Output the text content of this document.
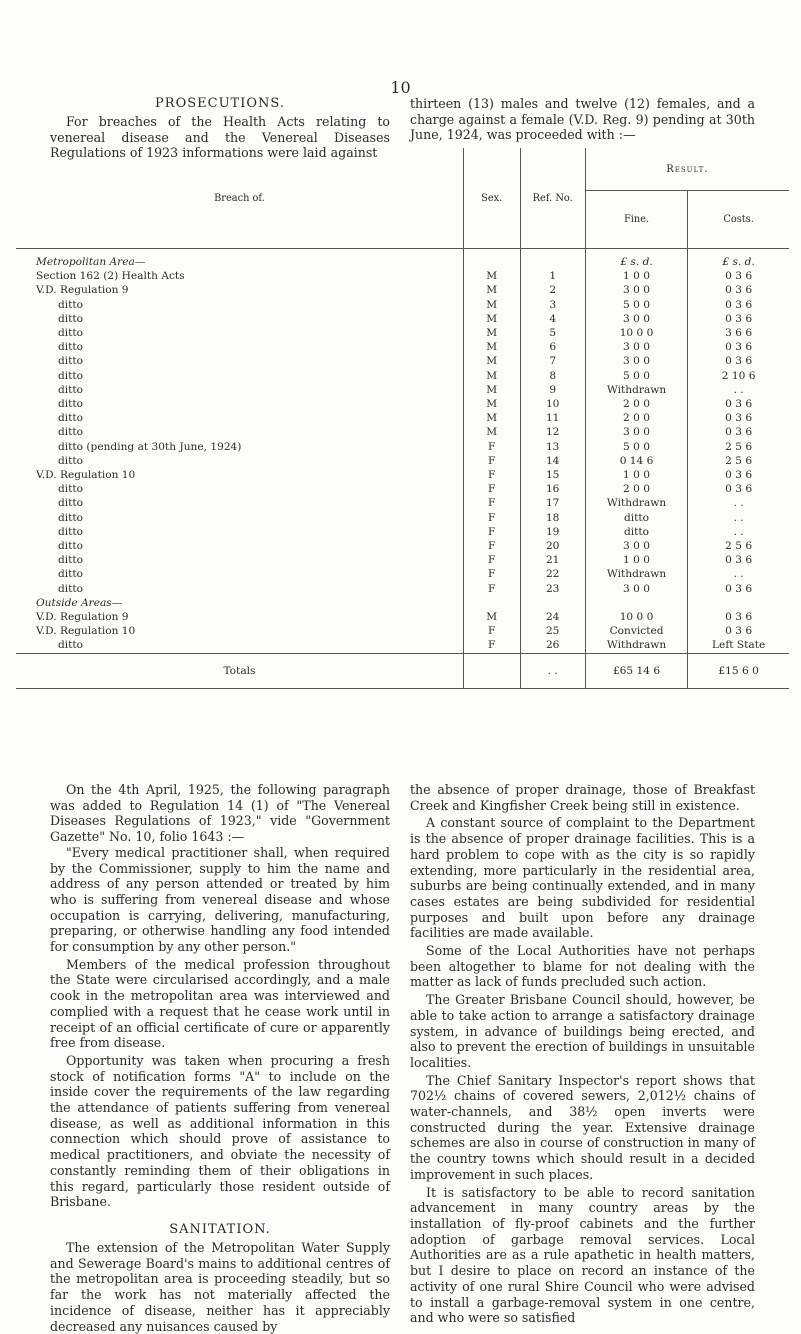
10
PROSECUTIONS.

For breaches of the Health Acts relating to venereal disease and the Venereal Diseases Regulations of 1923 informations were laid against

thirteen (13) males and twelve (12) females, and a charge against a female (V.D. Reg. 9) pending at 30th June, 1924, was proceeded with :—

Breach of.	Sex.	Ref. No.	Result.	
			Fine.	Costs.
Metropolitan Area—			£ s. d.	£ s. d.
Section 162 (2) Health Acts	M	1	1 0 0	0 3 6
V.D. Regulation 9	M	2	3 0 0	0 3 6
ditto	M	3	5 0 0	0 3 6
ditto	M	4	3 0 0	0 3 6
ditto	M	5	10 0 0	3 6 6
ditto	M	6	3 0 0	0 3 6
ditto	M	7	3 0 0	0 3 6
ditto	M	8	5 0 0	2 10 6
ditto	M	9	Withdrawn	. .
ditto	M	10	2 0 0	0 3 6
ditto	M	11	2 0 0	0 3 6
ditto	M	12	3 0 0	0 3 6
ditto (pending at 30th June, 1924)	F	13	5 0 0	2 5 6
ditto	F	14	0 14 6	2 5 6
V.D. Regulation 10	F	15	1 0 0	0 3 6
ditto	F	16	2 0 0	0 3 6
ditto	F	17	Withdrawn	. .
ditto	F	18	ditto	. .
ditto	F	19	ditto	. .
ditto	F	20	3 0 0	2 5 6
ditto	F	21	1 0 0	0 3 6
ditto	F	22	Withdrawn	. .
ditto	F	23	3 0 0	0 3 6
Outside Areas—				
V.D. Regulation 9	M	24	10 0 0	0 3 6
V.D. Regulation 10	F	25	Convicted	0 3 6
ditto	F	26	Withdrawn	Left State
Totals		. .	£65 14 6	£15 6 0

On the 4th April, 1925, the following paragraph was added to Regulation 14 (1) of "The Venereal Diseases Regulations of 1923," vide "Government Gazette" No. 10, folio 1643 :—

"Every medical practitioner shall, when required by the Commissioner, supply to him the name and address of any person attended or treated by him who is suffering from venereal disease and whose occupation is carrying, delivering, manufacturing, preparing, or otherwise handling any food intended for consumption by any other person."

Members of the medical profession throughout the State were circularised accordingly, and a male cook in the metropolitan area was interviewed and complied with a request that he cease work until in receipt of an official certificate of cure or apparently free from disease.

Opportunity was taken when procuring a fresh stock of notification forms "A" to include on the inside cover the requirements of the law regarding the attendance of patients suffering from venereal disease, as well as additional information in this connection which should prove of assistance to medical practitioners, and obviate the necessity of constantly reminding them of their obligations in this regard, particularly those resident outside of Brisbane.

SANITATION.

The extension of the Metropolitan Water Supply and Sewerage Board's mains to additional centres of the metropolitan area is proceeding steadily, but so far the work has not materially affected the incidence of disease, neither has it appreciably decreased any nuisances caused by

the absence of proper drainage, those of Breakfast Creek and Kingfisher Creek being still in existence.

A constant source of complaint to the Department is the absence of proper drainage facilities. This is a hard problem to cope with as the city is so rapidly extending, more particularly in the residential area, suburbs are being continually extended, and in many cases estates are being subdivided for residential purposes and built upon before any drainage facilities are made available.

Some of the Local Authorities have not perhaps been altogether to blame for not dealing with the matter as lack of funds precluded such action.

The Greater Brisbane Council should, however, be able to take action to arrange a satisfactory drainage system, in advance of buildings being erected, and also to prevent the erection of buildings in unsuitable localities.

The Chief Sanitary Inspector's report shows that 702½ chains of covered sewers, 2,012½ chains of water-channels, and 38½ open inverts were constructed during the year. Extensive drainage schemes are also in course of construction in many of the country towns which should result in a decided improvement in such places.

It is satisfactory to be able to record sanitation advancement in many country areas by the installation of fly-proof cabinets and the further adoption of garbage removal services. Local Authorities are as a rule apathetic in health matters, but I desire to place on record an instance of the activity of one rural Shire Council who were advised to install a garbage-removal system in one centre, and who were so satisfied
